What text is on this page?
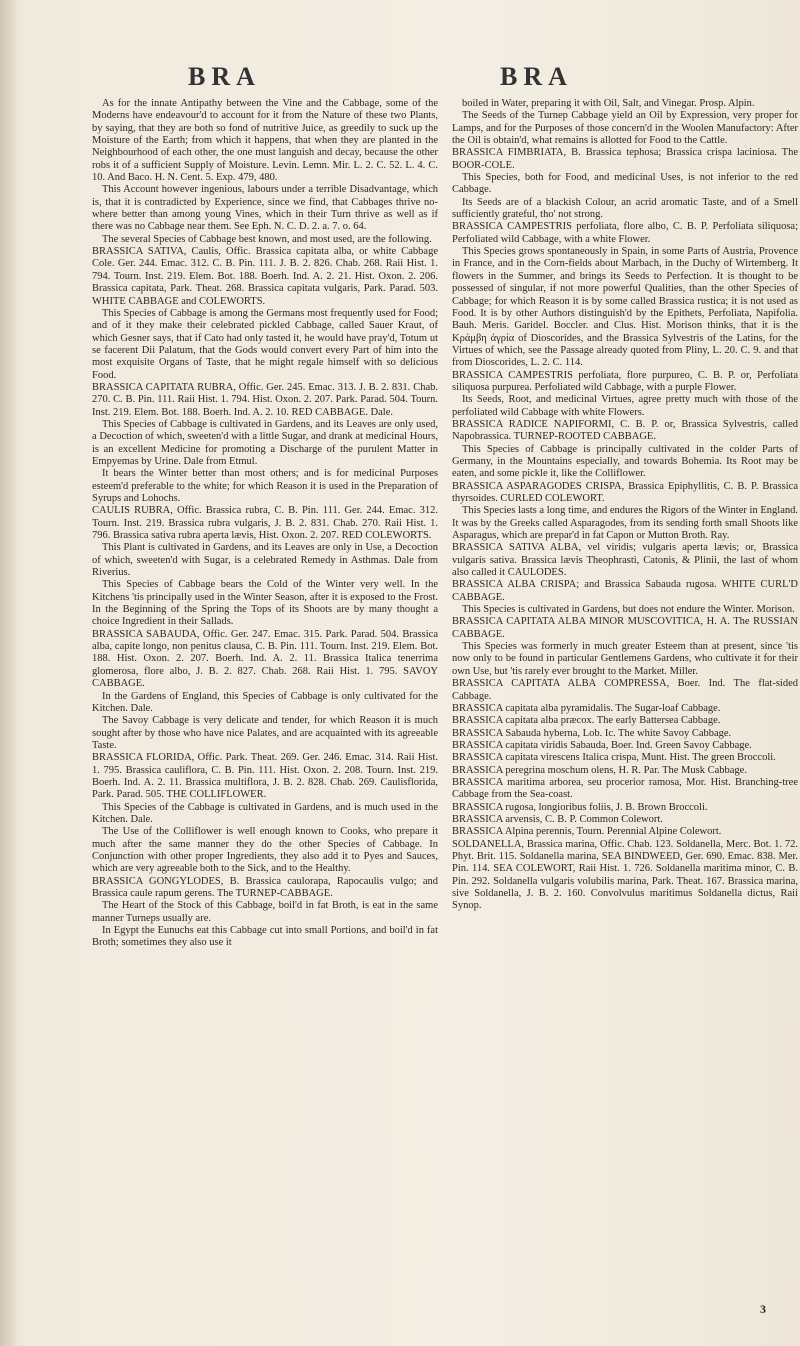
BRA	BRA

As for the innate Antipathy between the Vine and the Cabbage, some of the Moderns have endeavour'd to account for it from the Nature of these two Plants, by saying, that they are both so fond of nutritive Juice, as greedily to suck up the Moisture of the Earth; from which it happens, that when they are planted in the Neighbourhood of each other, the one must languish and decay, because the other robs it of a sufficient Supply of Moisture. Levin. Lemn. Mir. L. 2. C. 52. L. 4. C. 10. And Baco. H. N. Cent. 5. Exp. 479, 480.

This Account however ingenious, labours under a terrible Disadvantage, which is, that it is contradicted by Experience, since we find, that Cabbages thrive no-where better than among young Vines, which in their Turn thrive as well as if there was no Cabbage near them. See Eph. N. C. D. 2. a. 7. o. 64.

The several Species of Cabbage best known, and most used, are the following.

BRASSICA SATIVA, Caulis, Offic. Brassica capitata alba, or white Cabbage Cole. Ger. 244. Emac. 312. C. B. Pin. 111. J. B. 2. 826. Chab. 268. Raii Hist. 1. 794. Tourn. Inst. 219. Elem. Bot. 188. Boerh. Ind. A. 2. 21. Hist. Oxon. 2. 206. Brassica capitata, Park. Theat. 268. Brassica capitata vulgaris, Park. Parad. 503. WHITE CABBAGE and COLEWORTS.

This Species of Cabbage is among the Germans most frequently used for Food; and of it they make their celebrated pickled Cabbage, called Sauer Kraut, of which Gesner says, that if Cato had only tasted it, he would have pray'd, Totum ut se facerent Dii Palatum, that the Gods would convert every Part of him into the most exquisite Organs of Taste, that he might regale himself with so delicious Food.

BRASSICA CAPITATA RUBRA, Offic. Ger. 245. Emac. 313. J. B. 2. 831. Chab. 270. C. B. Pin. 111. Raii Hist. 1. 794. Hist. Oxon. 2. 207. Park. Parad. 504. Tourn. Inst. 219. Elem. Bot. 188. Boerh. Ind. A. 2. 10. RED CABBAGE. Dale.

This Species of Cabbage is cultivated in Gardens, and its Leaves are only used, a Decoction of which, sweeten'd with a little Sugar, and drank at medicinal Hours, is an excellent Medicine for promoting a Discharge of the purulent Matter in Empyemas by Urine. Dale from Etmul.

It bears the Winter better than most others; and is for medicinal Purposes esteem'd preferable to the white; for which Reason it is used in the Preparation of Syrups and Lohochs.

CAULIS RUBRA, Offic. Brassica rubra, C. B. Pin. 111. Ger. 244. Emac. 312. Tourn. Inst. 219. Brassica rubra vulgaris, J. B. 2. 831. Chab. 270. Raii Hist. 1. 796. Brassica sativa rubra aperta lævis, Hist. Oxon. 2. 207. RED COLEWORTS.

This Plant is cultivated in Gardens, and its Leaves are only in Use, a Decoction of which, sweeten'd with Sugar, is a celebrated Remedy in Asthmas. Dale from Riverius.

This Species of Cabbage bears the Cold of the Winter very well. In the Kitchens 'tis principally used in the Winter Season, after it is exposed to the Frost. In the Beginning of the Spring the Tops of its Shoots are by many thought a choice Ingredient in their Sallads.

BRASSICA SABAUDA, Offic. Ger. 247. Emac. 315. Park. Parad. 504. Brassica alba, capite longo, non penitus clausa, C. B. Pin. 111. Tourn. Inst. 219. Elem. Bot. 188. Hist. Oxon. 2. 207. Boerh. Ind. A. 2. 11. Brassica Italica tenerrima glomerosa, flore albo, J. B. 2. 827. Chab. 268. Raii Hist. 1. 795. SAVOY CABBAGE.

In the Gardens of England, this Species of Cabbage is only cultivated for the Kitchen. Dale.

The Savoy Cabbage is very delicate and tender, for which Reason it is much sought after by those who have nice Palates, and are acquainted with its agreeable Taste.

BRASSICA FLORIDA, Offic. Park. Theat. 269. Ger. 246. Emac. 314. Raii Hist. 1. 795. Brassica cauliflora, C. B. Pin. 111. Hist. Oxon. 2. 208. Tourn. Inst. 219. Boerh. Ind. A. 2. 11. Brassica multiflora, J. B. 2. 828. Chab. 269. Caulisflorida, Park. Parad. 505. THE COLLIFLOWER.

This Species of the Cabbage is cultivated in Gardens, and is much used in the Kitchen. Dale.

The Use of the Colliflower is well enough known to Cooks, who prepare it much after the same manner they do the other Species of Cabbage. In Conjunction with other proper Ingredients, they also add it to Pyes and Sauces, which are very agreeable both to the Sick, and to the Healthy.

BRASSICA GONGYLODES, B. Brassica caulorapa, Rapocaulis vulgo; and Brassica caule rapum gerens. The TURNEP-CABBAGE.

The Heart of the Stock of this Cabbage, boil'd in fat Broth, is eat in the same manner Turneps usually are.

In Egypt the Eunuchs eat this Cabbage cut into small Portions, and boil'd in fat Broth; sometimes they also use it

boiled in Water, preparing it with Oil, Salt, and Vinegar. Prosp. Alpin.

The Seeds of the Turnep Cabbage yield an Oil by Expression, very proper for Lamps, and for the Purposes of those concern'd in the Woolen Manufactory: After the Oil is obtain'd, what remains is allotted for Food to the Cattle.

BRASSICA FIMBRIATA, B. Brassica tephosa; Brassica crispa laciniosa. The BOOR-COLE.

This Species, both for Food, and medicinal Uses, is not inferior to the red Cabbage.

Its Seeds are of a blackish Colour, an acrid aromatic Taste, and of a Smell sufficiently grateful, tho' not strong.

BRASSICA CAMPESTRIS perfoliata, flore albo, C. B. P. Perfoliata siliquosa; Perfoliated wild Cabbage, with a white Flower.

This Species grows spontaneously in Spain, in some Parts of Austria, Provence in France, and in the Corn-fields about Marbach, in the Duchy of Wirtemberg. It flowers in the Summer, and brings its Seeds to Perfection. It is thought to be possessed of singular, if not more powerful Qualities, than the other Species of Cabbage; for which Reason it is by some called Brassica rustica; it is not used as Food. It is by other Authors distinguish'd by the Epithets, Perfoliata, Napifolia. Bauh. Meris. Garidel. Boccler. and Clus. Hist. Morison thinks, that it is the Κράμβη ἀγρία of Dioscorides, and the Brassica Sylvestris of the Latins, for the Virtues of which, see the Passage already quoted from Pliny, L. 20. C. 9. and that from Dioscorides, L. 2. C. 114.

BRASSICA CAMPESTRIS perfoliata, flore purpureo, C. B. P. or, Perfoliata siliquosa purpurea. Perfoliated wild Cabbage, with a purple Flower.

Its Seeds, Root, and medicinal Virtues, agree pretty much with those of the perfoliated wild Cabbage with white Flowers.

BRASSICA RADICE NAPIFORMI, C. B. P. or, Brassica Sylvestris, called Napobrassica. TURNEP-ROOTED CABBAGE.

This Species of Cabbage is principally cultivated in the colder Parts of Germany, in the Mountains especially, and towards Bohemia. Its Root may be eaten, and some pickle it, like the Colliflower.

BRASSICA ASPARAGODES CRISPA, Brassica Epiphyllitis, C. B. P. Brassica thyrsoides. CURLED COLEWORT.

This Species lasts a long time, and endures the Rigors of the Winter in England. It was by the Greeks called Asparagodes, from its sending forth small Shoots like Asparagus, which are prepar'd in fat Capon or Mutton Broth. Ray.

BRASSICA SATIVA ALBA, vel viridis; vulgaris aperta lævis; or, Brassica vulgaris sativa. Brassica lævis Theophrasti, Catonis, & Plinii, the last of whom also called it CAULODES.

BRASSICA ALBA CRISPA; and Brassica Sabauda rugosa. WHITE CURL'D CABBAGE.

This Species is cultivated in Gardens, but does not endure the Winter. Morison.

BRASSICA CAPITATA ALBA MINOR MUSCOVITICA, H. A. The RUSSIAN CABBAGE.

This Species was formerly in much greater Esteem than at present, since 'tis now only to be found in particular Gentlemens Gardens, who cultivate it for their own Use, but 'tis rarely ever brought to the Market. Miller.

BRASSICA CAPITATA ALBA COMPRESSA, Boer. Ind. The flat-sided Cabbage.

BRASSICA capitata alba pyramidalis. The Sugar-loaf Cabbage.

BRASSICA capitata alba præcox. The early Battersea Cabbage.

BRASSICA Sabauda hyberna, Lob. Ic. The white Savoy Cabbage.

BRASSICA capitata viridis Sabauda, Boer. Ind. Green Savoy Cabbage.

BRASSICA capitata virescens Italica crispa, Munt. Hist. The green Broccoli.

BRASSICA peregrina moschum olens, H. R. Par. The Musk Cabbage.

BRASSICA maritima arborea, seu procerior ramosa, Mor. Hist. Branching-tree Cabbage from the Sea-coast.

BRASSICA rugosa, longioribus foliis, J. B. Brown Broccoli.

BRASSICA arvensis, C. B. P. Common Colewort.

BRASSICA Alpina perennis, Tourn. Perennial Alpine Colewort.

SOLDANELLA, Brassica marina, Offic. Chab. 123. Soldanella, Merc. Bot. 1. 72. Phyt. Brit. 115. Soldanella marina, SEA BINDWEED, Ger. 690. Emac. 838. Mer. Pin. 114. SEA COLEWORT, Raii Hist. 1. 726. Soldanella maritima minor, C. B. Pin. 292. Soldanella vulgaris volubilis marina, Park. Theat. 167. Brassica marina, sive Soldanella, J. B. 2. 160. Convolvulus maritimus Soldanella dictus, Raii Synop.

3
